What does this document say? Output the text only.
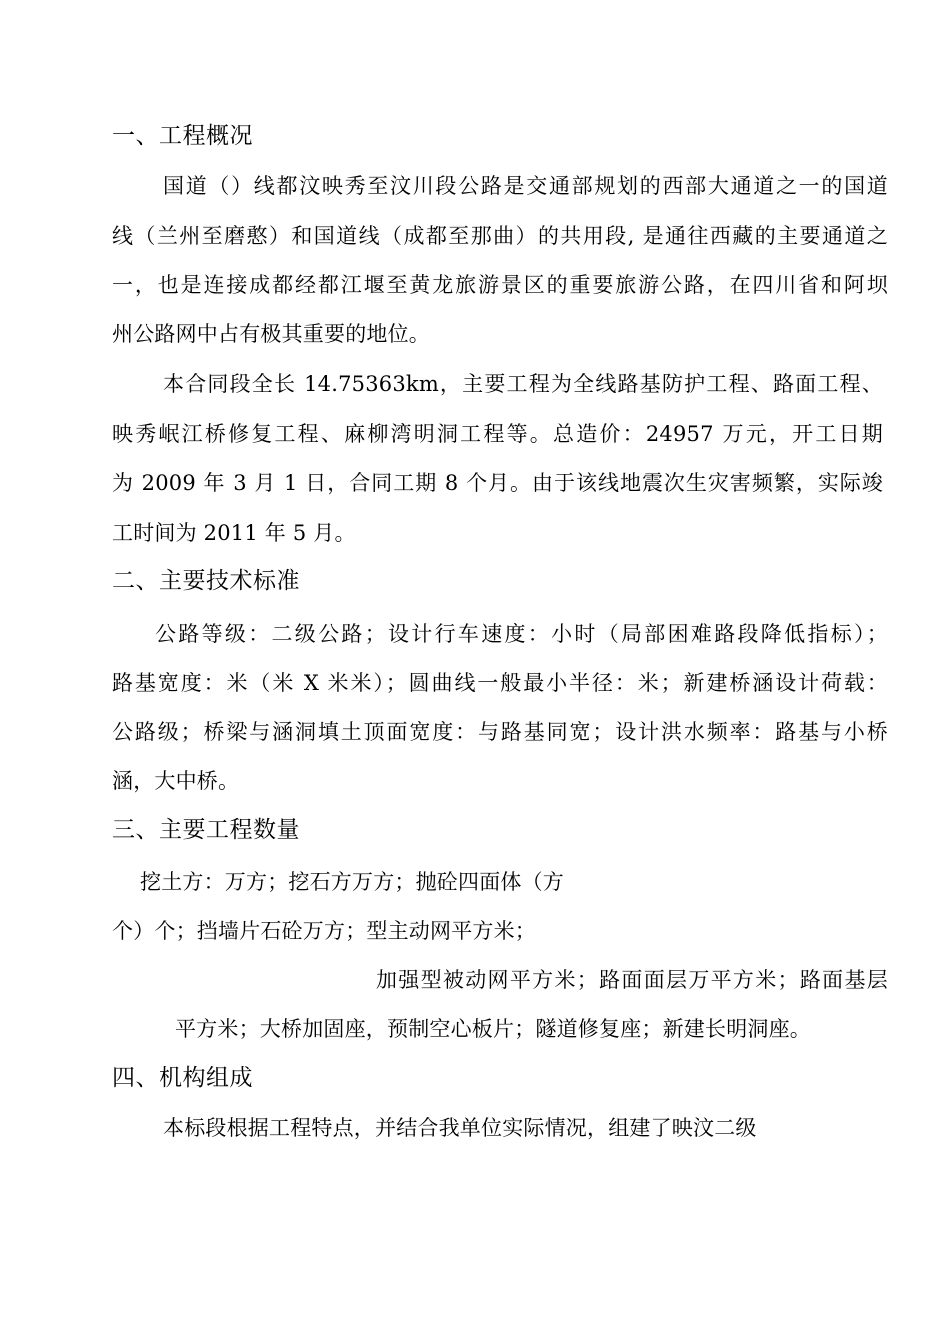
一、工程概况
国道（）线都汶映秀至汶川段公路是交通部规划的西部大通道之一的国道
线（兰州至磨憨）和国道线（成都至那曲）的共用段, 是通往西藏的主要通道之
一，也是连接成都经都江堰至黄龙旅游景区的重要旅游公路，在四川省和阿坝
州公路网中占有极其重要的地位。
本合同段全长 14.75363km，主要工程为全线路基防护工程、路面工程、
映秀岷江桥修复工程、麻柳湾明洞工程等。总造价：24957 万元，开工日期
为 2009 年 3 月 1 日，合同工期 8 个月。由于该线地震次生灾害频繁，实际竣
工时间为 2011 年 5 月。
二、主要技术标准
公路等级：二级公路；设计行车速度：小时（局部困难路段降低指标）；
路基宽度：米（米 X 米米）；圆曲线一般最小半径：米；新建桥涵设计荷载：
公路级；桥梁与涵洞填土顶面宽度：与路基同宽；设计洪水频率：路基与小桥
涵，大中桥。
三、主要工程数量
挖土方：万方；挖石方万方；抛砼四面体（方
个）个；挡墙片石砼万方；型主动网平方米；
加强型被动网平方米；路面面层万平方米；路面基层
平方米；大桥加固座，预制空心板片；隧道修复座；新建长明洞座。
四、机构组成
本标段根据工程特点，并结合我单位实际情况，组建了映汶二级
